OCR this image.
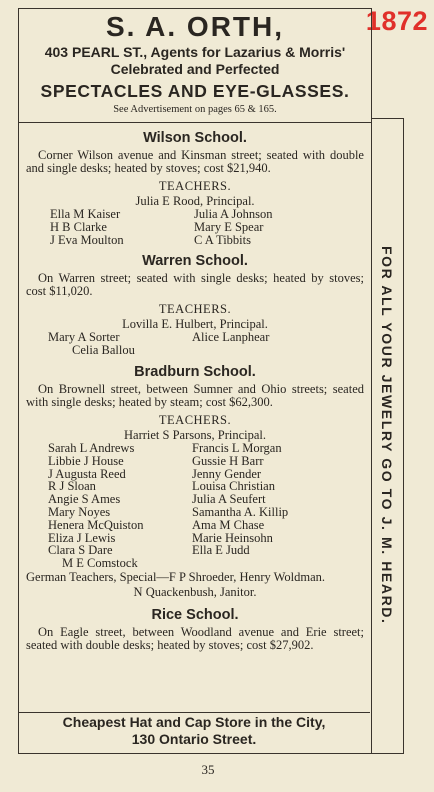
1872
FOR ALL YOUR JEWELRY GO TO J. M. HEARD.
S. A. ORTH,
403 PEARL ST., Agents for Lazarius & Morris'
Celebrated and Perfected
SPECTACLES AND EYE-GLASSES.
See Advertisement on pages 65 & 165.
Wilson School.
Corner Wilson avenue and Kinsman street; seated with double and single desks; heated by stoves; cost $21,940.
TEACHERS.
Julia E Rood, Principal.
Ella M Kaiser	Julia A Johnson
H B Clarke	Mary E Spear
J Eva Moulton	C A Tibbits
Warren School.
On Warren street; seated with single desks; heated by stoves; cost $11,020.
TEACHERS.
Lovilla E. Hulbert, Principal.
Mary A Sorter	Alice Lanphear
Celia Ballou
Bradburn School.
On Brownell street, between Sumner and Ohio streets; seated with single desks; heated by steam; cost $62,300.
TEACHERS.
Harriet S Parsons, Principal.
Sarah L Andrews	Francis L Morgan
Libbie J House	Gussie H Barr
J Augusta Reed	Jenny Gender
R J Sloan	Louisa Christian
Angie S Ames	Julia A Seufert
Mary Noyes	Samantha A. Killip
Henera McQuiston	Ama M Chase
Eliza J Lewis	Marie Heinsohn
Clara S Dare	Ella E Judd
M E Comstock
German Teachers, Special—F P Shroeder, Henry Woldman.
N Quackenbush, Janitor.
Rice School.
On Eagle street, between Woodland avenue and Erie street; seated with double desks; heated by stoves; cost $27,902.
Cheapest Hat and Cap Store in the City,
130 Ontario Street.
35
